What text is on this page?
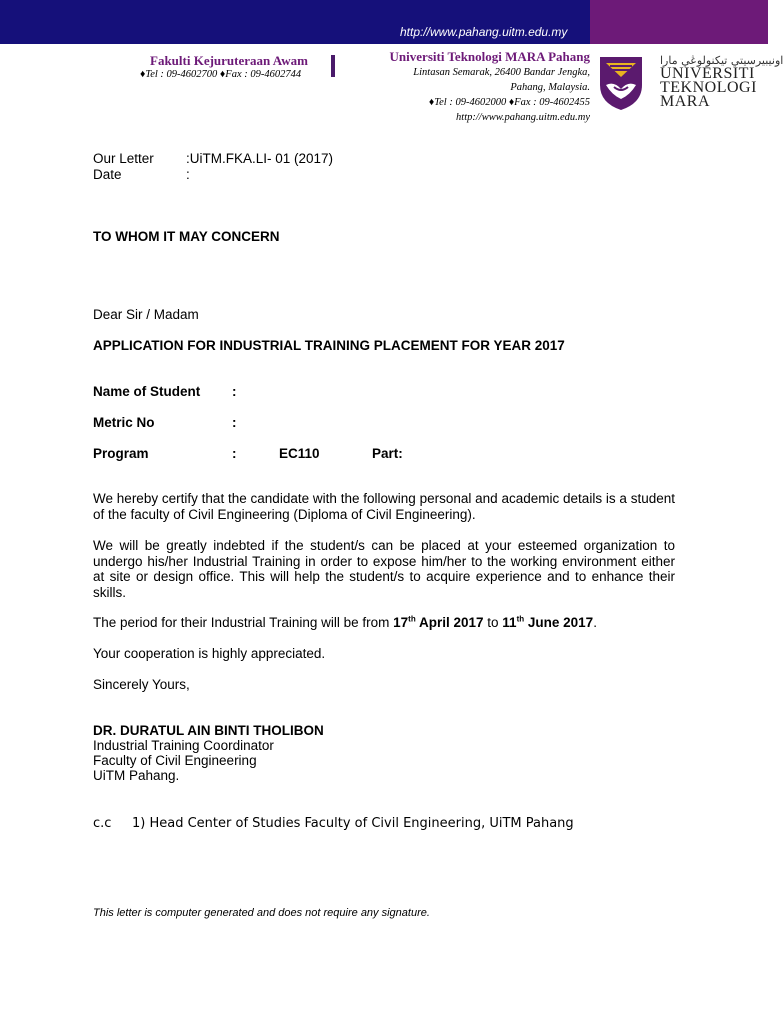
http://www.pahang.uitm.edu.my
Fakulti Kejuruteraan Awam
♦Tel : 09-4602700 ♦Fax : 09-4602744
Universiti Teknologi MARA Pahang
Lintasan Semarak, 26400 Bandar Jengka,
Pahang, Malaysia.
♦Tel : 09-4602000 ♦Fax : 09-4602455
http://www.pahang.uitm.edu.my
اونيبيرسيتي تيكنولوڠي مارا
UNIVERSITI
TEKNOLOGI
MARA
Our Letter :UiTM.FKA.LI- 01 (2017)
Date	:
TO WHOM IT MAY CONCERN
Dear Sir / Madam
APPLICATION FOR INDUSTRIAL TRAINING PLACEMENT FOR YEAR 2017
Name of Student :
Metric No	:
Program	:	EC110	Part:

We hereby certify that the candidate with the following personal and academic details is a student of the faculty of Civil Engineering (Diploma of Civil Engineering).

We will be greatly indebted if the student/s can be placed at your esteemed organization to undergo his/her Industrial Training in order to expose him/her to the working environment either at site or design office. This will help the student/s to acquire experience and to enhance their skills.

The period for their Industrial Training will be from 17th April 2017 to 11th June 2017.

Your cooperation is highly appreciated.
Sincerely Yours,
DR. DURATUL AIN BINTI THOLIBON
Industrial Training Coordinator
Faculty of Civil Engineering
UiTM Pahang.
c.c 1) Head Center of Studies Faculty of Civil Engineering, UiTM Pahang
This letter is computer generated and does not require any signature.
